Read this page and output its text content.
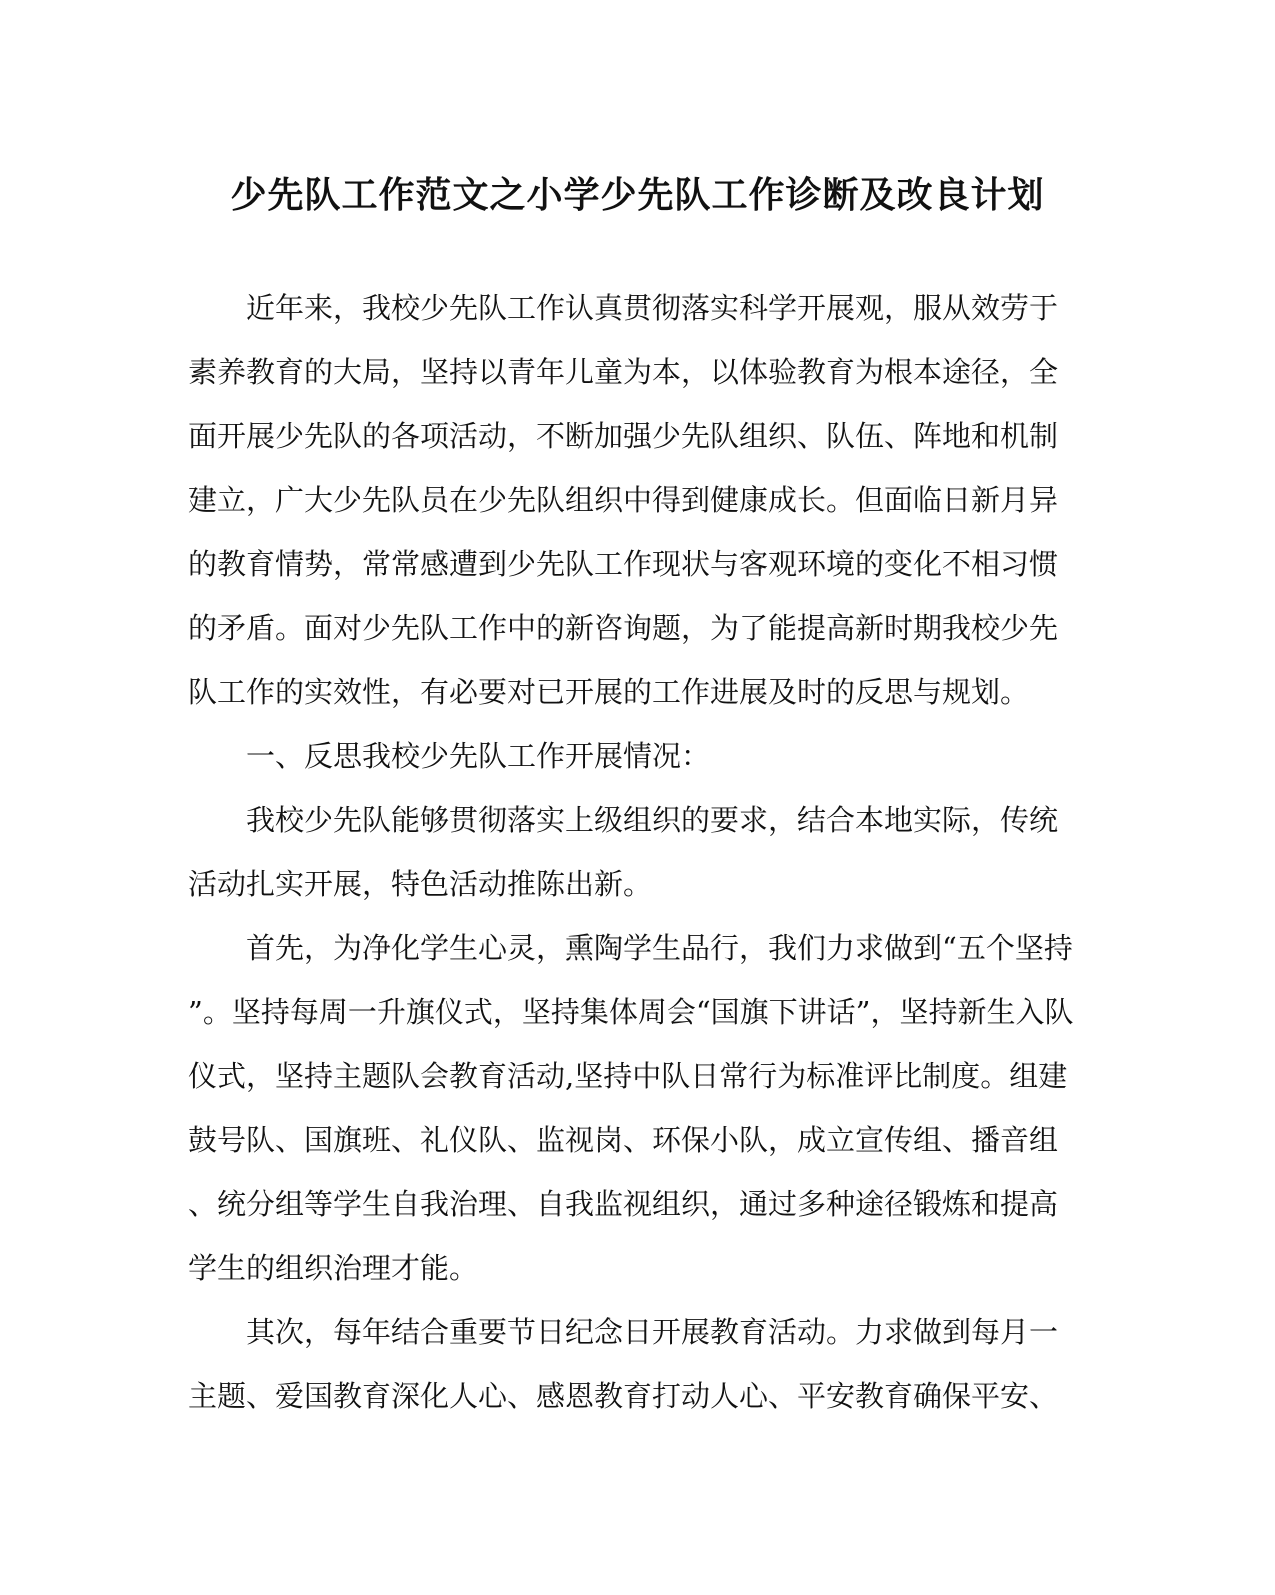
少先队工作范文之小学少先队工作诊断及改良计划
近年来，我校少先队工作认真贯彻落实科学开展观，服从效劳于
素养教育的大局，坚持以青年儿童为本，以体验教育为根本途径，全
面开展少先队的各项活动，不断加强少先队组织、队伍、阵地和机制
建立，广大少先队员在少先队组织中得到健康成长。但面临日新月异
的教育情势，常常感遭到少先队工作现状与客观环境的变化不相习惯
的矛盾。面对少先队工作中的新咨询题，为了能提高新时期我校少先
队工作的实效性，有必要对已开展的工作进展及时的反思与规划。
一、反思我校少先队工作开展情况：
我校少先队能够贯彻落实上级组织的要求，结合本地实际，传统
活动扎实开展，特色活动推陈出新。
首先，为净化学生心灵，熏陶学生品行，我们力求做到“五个坚持
”。坚持每周一升旗仪式，坚持集体周会“国旗下讲话”，坚持新生入队
仪式，坚持主题队会教育活动,坚持中队日常行为标准评比制度。组建
鼓号队、国旗班、礼仪队、监视岗、环保小队，成立宣传组、播音组
、统分组等学生自我治理、自我监视组织，通过多种途径锻炼和提高
学生的组织治理才能。
其次，每年结合重要节日纪念日开展教育活动。力求做到每月一
主题、爱国教育深化人心、感恩教育打动人心、平安教育确保平安、
